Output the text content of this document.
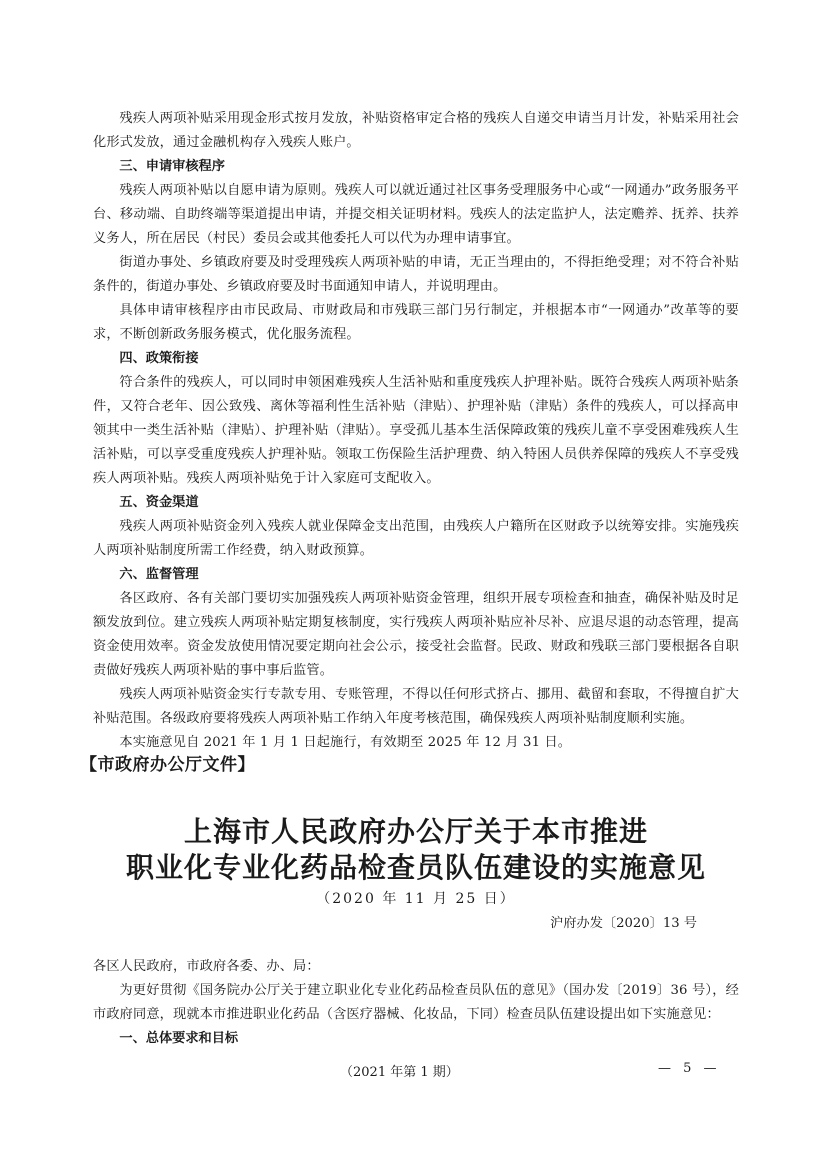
残疾人两项补贴采用现金形式按月发放，补贴资格审定合格的残疾人自递交申请当月计发，补贴采用社会化形式发放，通过金融机构存入残疾人账户。

三、申请审核程序

残疾人两项补贴以自愿申请为原则。残疾人可以就近通过社区事务受理服务中心或“一网通办”政务服务平台、移动端、自助终端等渠道提出申请，并提交相关证明材料。残疾人的法定监护人，法定赡养、抚养、扶养义务人，所在居民（村民）委员会或其他委托人可以代为办理申请事宜。

街道办事处、乡镇政府要及时受理残疾人两项补贴的申请，无正当理由的，不得拒绝受理；对不符合补贴条件的，街道办事处、乡镇政府要及时书面通知申请人，并说明理由。

具体申请审核程序由市民政局、市财政局和市残联三部门另行制定，并根据本市“一网通办”改革等的要求，不断创新政务服务模式，优化服务流程。

四、政策衔接

符合条件的残疾人，可以同时申领困难残疾人生活补贴和重度残疾人护理补贴。既符合残疾人两项补贴条件，又符合老年、因公致残、离休等福利性生活补贴（津贴）、护理补贴（津贴）条件的残疾人，可以择高申领其中一类生活补贴（津贴）、护理补贴（津贴）。享受孤儿基本生活保障政策的残疾儿童不享受困难残疾人生活补贴，可以享受重度残疾人护理补贴。领取工伤保险生活护理费、纳入特困人员供养保障的残疾人不享受残疾人两项补贴。残疾人两项补贴免于计入家庭可支配收入。

五、资金渠道

残疾人两项补贴资金列入残疾人就业保障金支出范围，由残疾人户籍所在区财政予以统筹安排。实施残疾人两项补贴制度所需工作经费，纳入财政预算。

六、监督管理

各区政府、各有关部门要切实加强残疾人两项补贴资金管理，组织开展专项检查和抽查，确保补贴及时足额发放到位。建立残疾人两项补贴定期复核制度，实行残疾人两项补贴应补尽补、应退尽退的动态管理，提高资金使用效率。资金发放使用情况要定期向社会公示，接受社会监督。民政、财政和残联三部门要根据各自职责做好残疾人两项补贴的事中事后监管。

残疾人两项补贴资金实行专款专用、专账管理，不得以任何形式挤占、挪用、截留和套取，不得擅自扩大补贴范围。各级政府要将残疾人两项补贴工作纳入年度考核范围，确保残疾人两项补贴制度顺利实施。

本实施意见自 2021 年 1 月 1 日起施行，有效期至 2025 年 12 月 31 日。

【市政府办公厅文件】
上海市人民政府办公厅关于本市推进
职业化专业化药品检查员队伍建设的实施意见
（2020 年 11 月 25 日）
沪府办发〔2020〕13 号

各区人民政府，市政府各委、办、局：

为更好贯彻《国务院办公厅关于建立职业化专业化药品检查员队伍的意见》（国办发〔2019〕36 号），经市政府同意，现就本市推进职业化药品（含医疗器械、化妆品，下同）检查员队伍建设提出如下实施意见：

一、总体要求和目标

（2021 年第 1 期）	— 5 —
